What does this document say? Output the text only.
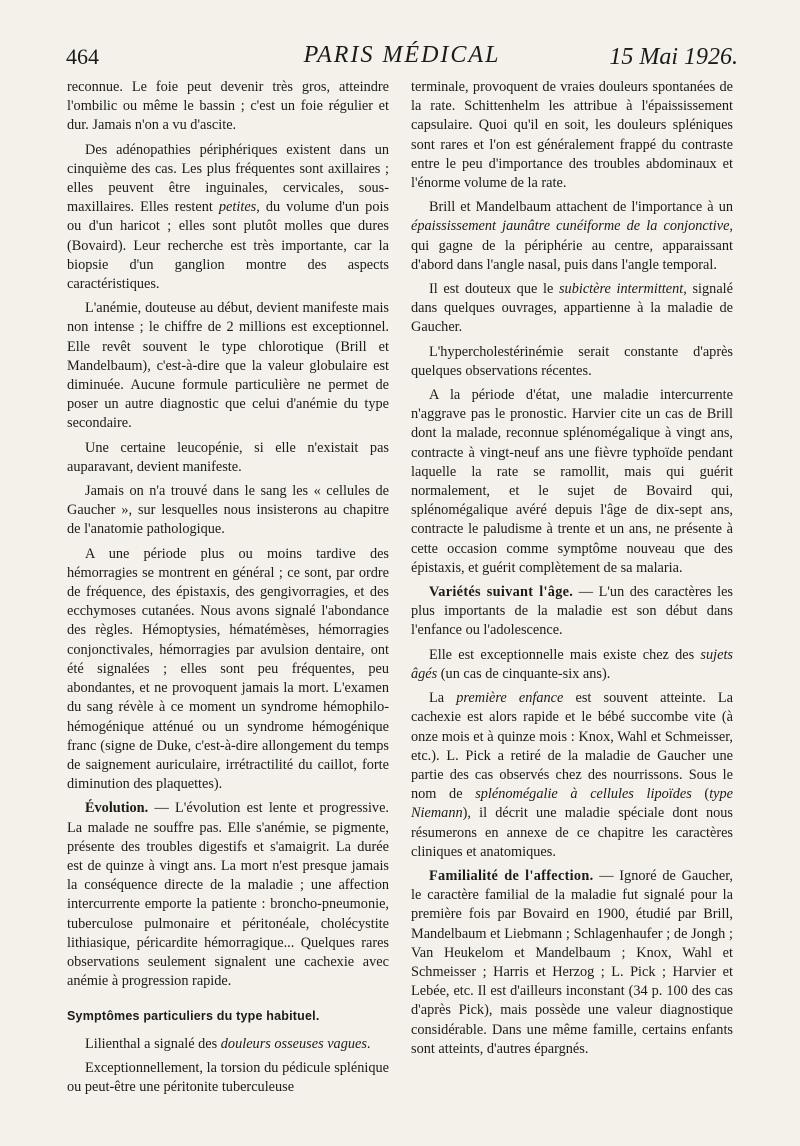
464	PARIS MÉDICAL	15 Mai 1926.

reconnue. Le foie peut devenir très gros, atteindre l'ombilic ou même le bassin ; c'est un foie régulier et dur. Jamais n'on a vu d'ascite.

Des adénopathies périphériques existent dans un cinquième des cas. Les plus fréquentes sont axillaires ; elles peuvent être inguinales, cervicales, sous-maxillaires. Elles restent petites, du volume d'un pois ou d'un haricot ; elles sont plutôt molles que dures (Bovaird). Leur recherche est très importante, car la biopsie d'un ganglion montre des aspects caractéristiques.

L'anémie, douteuse au début, devient manifeste mais non intense ; le chiffre de 2 millions est exceptionnel. Elle revêt souvent le type chlorotique (Brill et Mandelbaum), c'est-à-dire que la valeur globulaire est diminuée. Aucune formule particulière ne permet de poser un autre diagnostic que celui d'anémie du type secondaire.

Une certaine leucopénie, si elle n'existait pas auparavant, devient manifeste.

Jamais on n'a trouvé dans le sang les « cellules de Gaucher », sur lesquelles nous insisterons au chapitre de l'anatomie pathologique.

A une période plus ou moins tardive des hémorragies se montrent en général ; ce sont, par ordre de fréquence, des épistaxis, des gengivorragies, et des ecchymoses cutanées. Nous avons signalé l'abondance des règles. Hémoptysies, hématémèses, hémorragies conjonctivales, hémorragies par avulsion dentaire, ont été signalées ; elles sont peu fréquentes, peu abondantes, et ne provoquent jamais la mort. L'examen du sang révèle à ce moment un syndrome hémophilo-hémogénique atténué ou un syndrome hémogénique franc (signe de Duke, c'est-à-dire allongement du temps de saignement auriculaire, irrétractilité du caillot, forte diminution des plaquettes).

Évolution. — L'évolution est lente et progressive. La malade ne souffre pas. Elle s'anémie, se pigmente, présente des troubles digestifs et s'amaigrit. La durée est de quinze à vingt ans. La mort n'est presque jamais la conséquence directe de la maladie ; une affection intercurrente emporte la patiente : broncho-pneumonie, tuberculose pulmonaire et péritonéale, cholécystite lithiasique, péricardite hémorragique... Quelques rares observations seulement signalent une cachexie avec anémie à progression rapide.

Symptômes particuliers du type habituel.

Lilienthal a signalé des douleurs osseuses vagues.

Exceptionnellement, la torsion du pédicule splénique ou peut-être une péritonite tuberculeuse

terminale, provoquent de vraies douleurs spontanées de la rate. Schittenhelm les attribue à l'épaississement capsulaire. Quoi qu'il en soit, les douleurs spléniques sont rares et l'on est généralement frappé du contraste entre le peu d'importance des troubles abdominaux et l'énorme volume de la rate.

Brill et Mandelbaum attachent de l'importance à un épaississement jaunâtre cunéiforme de la conjonctive, qui gagne de la périphérie au centre, apparaissant d'abord dans l'angle nasal, puis dans l'angle temporal.

Il est douteux que le subictère intermittent, signalé dans quelques ouvrages, appartienne à la maladie de Gaucher.

L'hypercholestérinémie serait constante d'après quelques observations récentes.

A la période d'état, une maladie intercurrente n'aggrave pas le pronostic. Harvier cite un cas de Brill dont la malade, reconnue splénomégalique à vingt ans, contracte à vingt-neuf ans une fièvre typhoïde pendant laquelle la rate se ramollit, mais qui guérit normalement, et le sujet de Bovaird qui, splénomégalique avéré depuis l'âge de dix-sept ans, contracte le paludisme à trente et un ans, ne présente à cette occasion comme symptôme nouveau que des épistaxis, et guérit complètement de sa malaria.

Variétés suivant l'âge. — L'un des caractères les plus importants de la maladie est son début dans l'enfance ou l'adolescence.

Elle est exceptionnelle mais existe chez des sujets âgés (un cas de cinquante-six ans).

La première enfance est souvent atteinte. La cachexie est alors rapide et le bébé succombe vite (à onze mois et à quinze mois : Knox, Wahl et Schmeisser, etc.). L. Pick a retiré de la maladie de Gaucher une partie des cas observés chez des nourrissons. Sous le nom de splénomégalie à cellules lipoïdes (type Niemann), il décrit une maladie spéciale dont nous résumerons en annexe de ce chapitre les caractères cliniques et anatomiques.

Familialité de l'affection. — Ignoré de Gaucher, le caractère familial de la maladie fut signalé pour la première fois par Bovaird en 1900, étudié par Brill, Mandelbaum et Liebmann ; Schlagenhaufer ; de Jongh ; Van Heukelom et Mandelbaum ; Knox, Wahl et Schmeisser ; Harris et Herzog ; L. Pick ; Harvier et Lebée, etc. Il est d'ailleurs inconstant (34 p. 100 des cas d'après Pick), mais possède une valeur diagnostique considérable. Dans une même famille, certains enfants sont atteints, d'autres épargnés.
